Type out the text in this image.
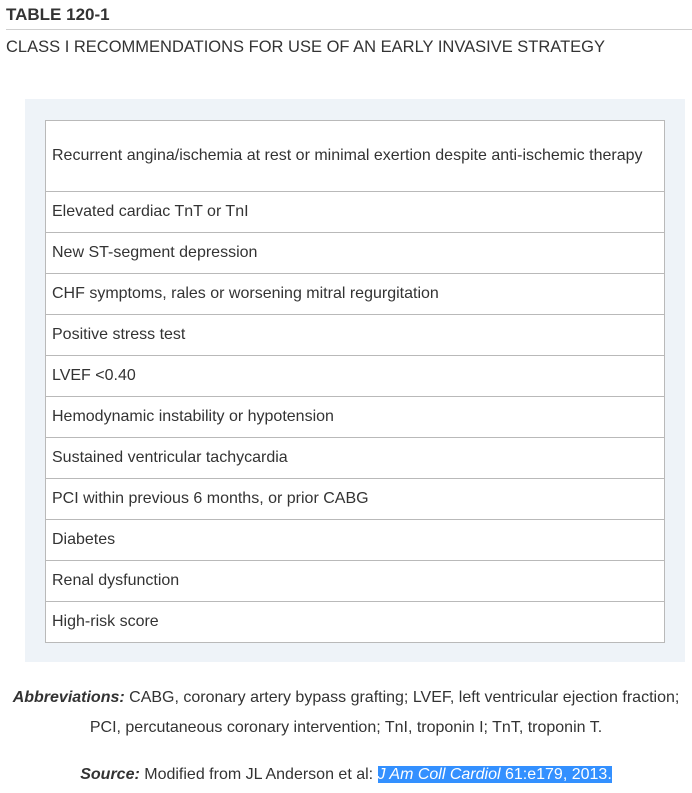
TABLE 120-1
CLASS I RECOMMENDATIONS FOR USE OF AN EARLY INVASIVE STRATEGY
Recurrent angina/ischemia at rest or minimal exertion despite anti-ischemic therapy
Elevated cardiac TnT or TnI
New ST-segment depression
CHF symptoms, rales or worsening mitral regurgitation
Positive stress test
LVEF <0.40
Hemodynamic instability or hypotension
Sustained ventricular tachycardia
PCI within previous 6 months, or prior CABG
Diabetes
Renal dysfunction
High-risk score
Abbreviations: CABG, coronary artery bypass grafting; LVEF, left ventricular ejection fraction; PCI, percutaneous coronary intervention; TnI, troponin I; TnT, troponin T.
Source: Modified from JL Anderson et al: J Am Coll Cardiol 61:e179, 2013.
